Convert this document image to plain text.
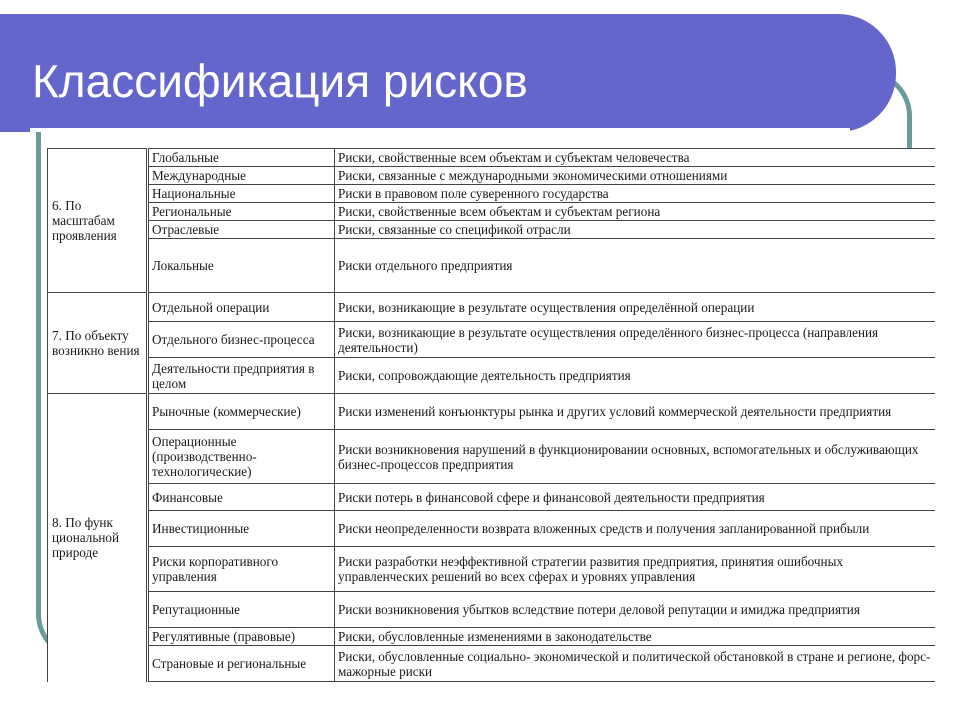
Классификация рисков
6. По масштабам проявления	Глобальные	Риски, свойственные всем объектам и субъектам человечества
	Международные	Риски, связанные с международными экономическими отношениями
	Национальные	Риски в правовом поле суверенного государства
	Региональные	Риски, свойственные всем объектам и субъектам региона
	Отраслевые	Риски, связанные со спецификой отрасли
	Локальные	Риски отдельного предприятия
7. По объекту возникно вения	Отдельной операции	Риски, возникающие в результате осуществления определённой операции
	Отдельного бизнес-процесса	Риски, возникающие в результате осуществления определённого бизнес-процесса (направления деятельности)
	Деятельности предприятия в целом	Риски, сопровождающие деятельность предприятия
8. По функ циональной природе	Рыночные (коммерческие)	Риски изменений конъюнктуры рынка и других условий коммерческой деятельности предприятия
	Операционные (производственно-технологические)	Риски возникновения нарушений в функционировании основных, вспомогательных и обслуживающих бизнес-процессов предприятия
	Финансовые	Риски потерь в финансовой сфере и финансовой деятельности предприятия
	Инвестиционные	Риски неопределенности возврата вложенных средств и получения запланированной прибыли
	Риски корпоративного управления	Риски разработки неэффективной стратегии развития предприятия, принятия ошибочных управленческих решений во всех сферах и уровнях управления
	Репутационные	Риски возникновения убытков вследствие потери деловой репутации и имиджа предприятия
	Регулятивные (правовые)	Риски, обусловленные изменениями в законодательстве
	Страновые и региональные	Риски, обусловленные социально- экономической и политической обстановкой в стране и регионе, форс-мажорные риски
